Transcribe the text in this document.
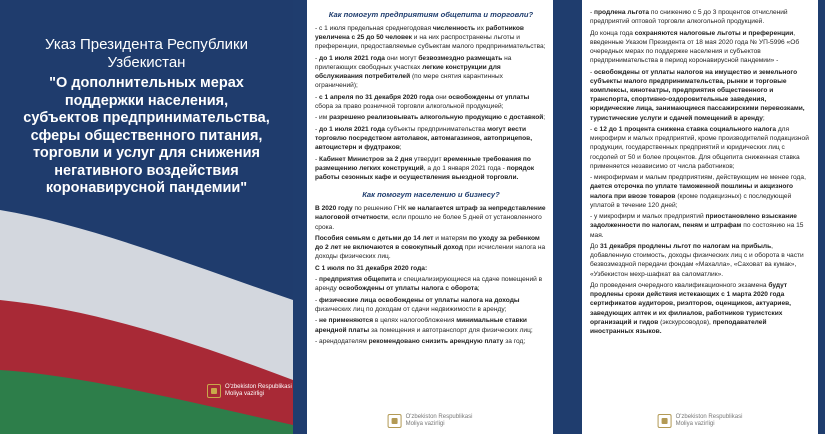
Указ Президента Республики
Узбекистан
"О дополнительных мерах
поддержки населения,
субъектов предпринимательства,
сферы общественного питания,
торговли и услуг для снижения
негативного воздействия
коронавирусной пандемии"
O'zbekiston Respublikasi
Moliya vazirligi
Как помогут предприятиям общепита и торговли?

- с 1 июля предельная среднегодовая численность их работников увеличена с 25 до 50 человек и на них распространены льготы и преференции, предоставляемые субъектам малого предпринимательства;

- до 1 июля 2021 года они могут безвозмездно размещать на прилегающих свободных участках легкие конструкции для обслуживания потребителей (по мере снятия карантинных ограничений);

- с 1 апреля по 31 декабря 2020 года они освобождены от уплаты сбора за право розничной торговли алкогольной продукцией;

- им разрешено реализовывать алкогольную продукцию с доставкой;

- до 1 июля 2021 года субъекты предпринимательства могут вести торговлю посредством автолавок, автомагазинов, автоприцепов, автоцистерн и фудтраков;

- Кабинет Министров за 2 дня утвердит временные требования по размещению легких конструкций, а до 1 января 2021 года - порядок работы сезонных кафе и осуществления выездной торговли.

Как помогут населению и бизнесу?

В 2020 году по решению ГНК не налагается штраф за непредставление налоговой отчетности, если прошло не более 5 дней от установленного срока.

Пособия семьям с детьми до 14 лет и матерям по уходу за ребенком до 2 лет не включаются в совокупный доход при исчислении налога на доходы физических лиц.

С 1 июля по 31 декабря 2020 года:

- предприятия общепита и специализирующиеся на сдаче помещений в аренду освобождены от уплаты налога с оборота;

- физические лица освобождены от уплаты налога на доходы физических лиц по доходам от сдачи недвижимости в аренду;

- не применяются в целях налогообложения минимальные ставки арендной платы за помещения и автотранспорт для физических лиц;

- арендодателям рекомендовано снизить арендную плату за год;

O'zbekiston Respublikasi
Moliya vazirligi

- продлена льгота по снижению с 5 до 3 процентов отчислений предприятий оптовой торговли алкогольной продукцией.

До конца года сохраняются налоговые льготы и преференции, введенные Указом Президента от 18 мая 2020 года № УП-5996 «Об очередных мерах по поддержке населения и субъектов предпринимательства в период коронавирусной пандемии» -

- освобождены от уплаты налогов на имущество и земельного субъекты малого предпринимательства, рынки и торговые комплексы, кинотеатры, предприятия общественного и транспорта, спортивно-оздоровительные заведения, юридические лица, занимающиеся пассажирскими перевозками, туристические услуги и сдачей помещений в аренду;

- с 12 до 1 процента снижена ставка социального налога для микрофирм и малых предприятий, кроме производителей подакцизной продукции, государственных предприятий и юридических лиц с госдолей от 50 и более процентов. Для общепита сниженная ставка применяется независимо от числа работников;

- микрофирмам и малым предприятиям, действующим не менее года, дается отсрочка по уплате таможенной пошлины и акцизного налога при ввозе товаров (кроме подакцизных) с последующей уплатой в течение 120 дней;

- у микрофирм и малых предприятий приостановлено взыскание задолженности по налогам, пеням и штрафам по состоянию на 15 мая.

До 31 декабря продлены льгот по налогам на прибыль, добавленную стоимость, доходы физических лиц с и оборота в части безвозмездной передачи фондам «Махалла», «Саховат ва кумак», «Узбекистон мехр-шафкат ва саломатлик».

До проведения очередного квалификационного экзамена будут продлены сроки действия истекающих с 1 марта 2020 года сертификатов аудиторов, риэлторов, оценщиков, актуариев, заведующих аптек и их филиалов, работников туристских организаций и гидов (экскурсоводов), преподавателей иностранных языков.

O'zbekiston Respublikasi
Moliya vazirligi
